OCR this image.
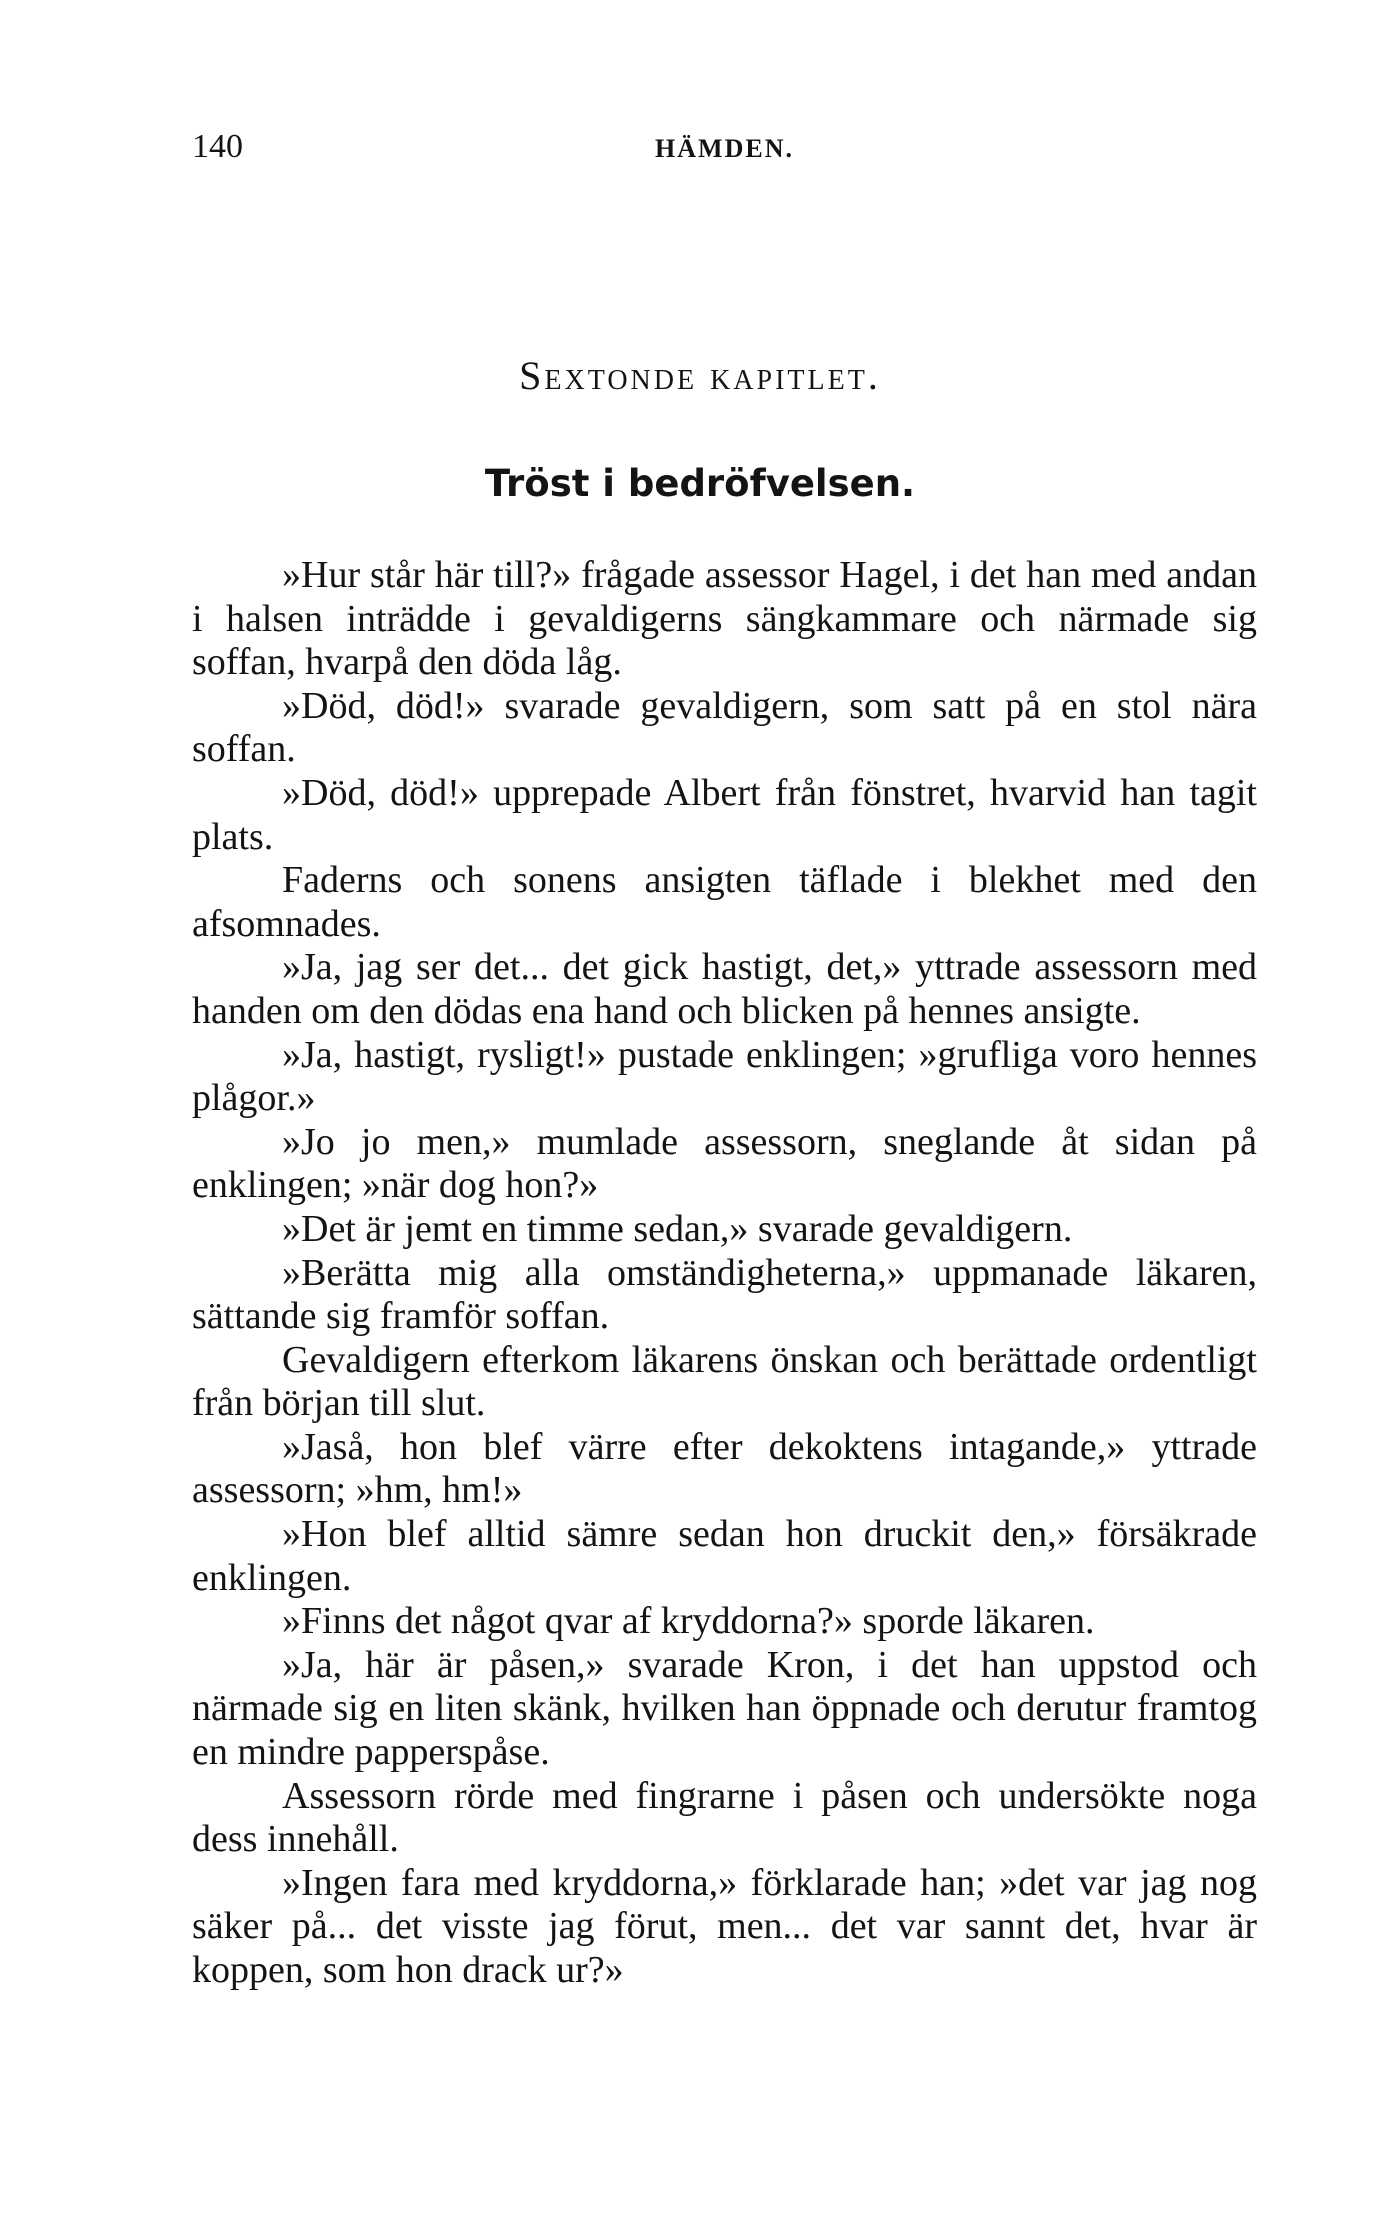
140	HÄMDEN.
Sextonde kapitlet.
Tröst i bedröfvelsen.

»Hur står här till?» frågade assessor Hagel, i det han med andan i halsen inträdde i gevaldigerns sängkammare och närmade sig soffan, hvarpå den döda låg.

»Död, död!» svarade gevaldigern, som satt på en stol nära soffan.

»Död, död!» upprepade Albert från fönstret, hvarvid han tagit plats.

Faderns och sonens ansigten täflade i blekhet med den afsomnades.

»Ja, jag ser det... det gick hastigt, det,» yttrade assessorn med handen om den dödas ena hand och blicken på hennes ansigte.

»Ja, hastigt, rysligt!» pustade enklingen; »grufliga voro hennes plågor.»

»Jo jo men,» mumlade assessorn, sneglande åt sidan på enklingen; »när dog hon?»

»Det är jemt en timme sedan,» svarade gevaldigern.

»Berätta mig alla omständigheterna,» uppmanade läkaren, sättande sig framför soffan.

Gevaldigern efterkom läkarens önskan och berättade ordentligt från början till slut.

»Jaså, hon blef värre efter dekoktens intagande,» yttrade assessorn; »hm, hm!»

»Hon blef alltid sämre sedan hon druckit den,» försäkrade enklingen.

»Finns det något qvar af kryddorna?» sporde läkaren.

»Ja, här är påsen,» svarade Kron, i det han uppstod och närmade sig en liten skänk, hvilken han öppnade och derutur framtog en mindre papperspåse.

Assessorn rörde med fingrarne i påsen och undersökte noga dess innehåll.

»Ingen fara med kryddorna,» förklarade han; »det var jag nog säker på... det visste jag förut, men... det var sannt det, hvar är koppen, som hon drack ur?»
